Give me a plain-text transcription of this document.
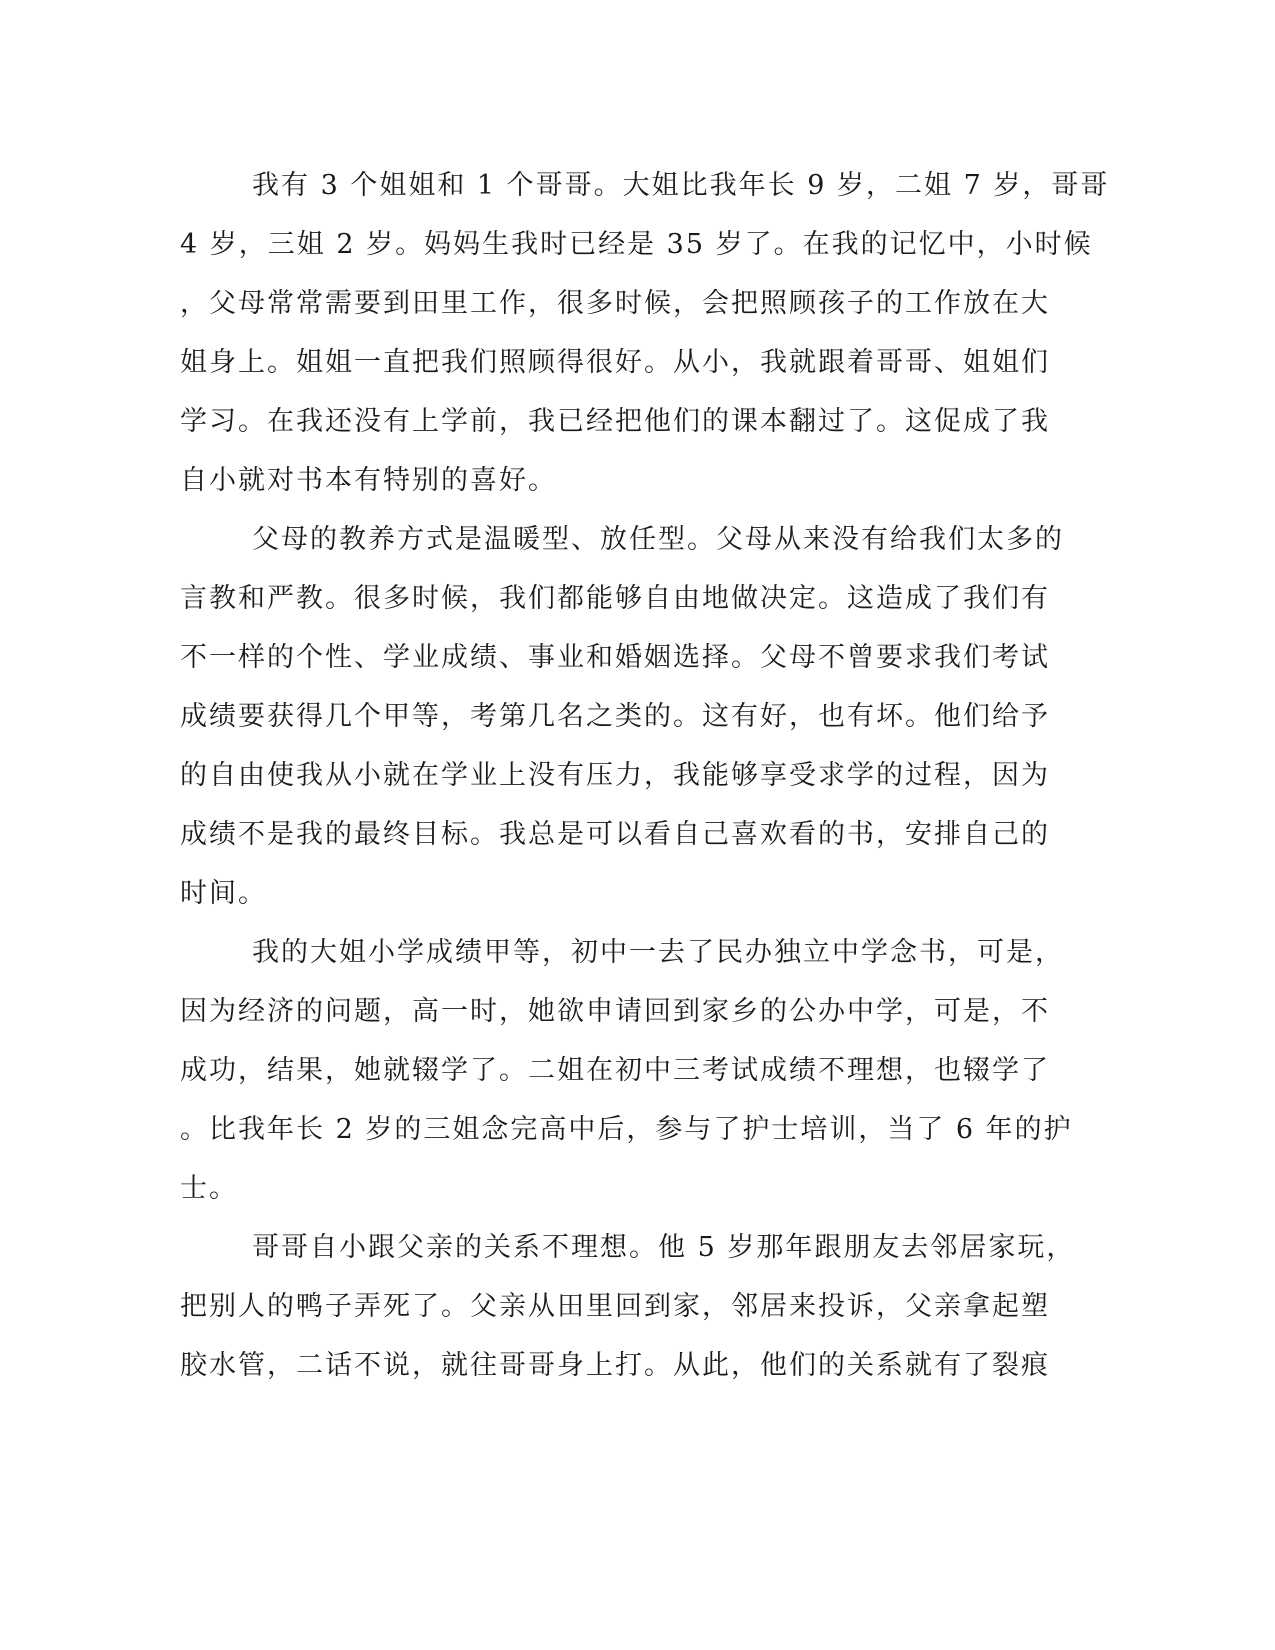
我有 3 个姐姐和 1 个哥哥。大姐比我年长 9 岁，二姐 7 岁，哥哥
4 岁，三姐 2 岁。妈妈生我时已经是 35 岁了。在我的记忆中，小时候
，父母常常需要到田里工作，很多时候，会把照顾孩子的工作放在大
姐身上。姐姐一直把我们照顾得很好。从小，我就跟着哥哥、姐姐们
学习。在我还没有上学前，我已经把他们的课本翻过了。这促成了我
自小就对书本有特别的喜好。
父母的教养方式是温暖型、放任型。父母从来没有给我们太多的
言教和严教。很多时候，我们都能够自由地做决定。这造成了我们有
不一样的个性、学业成绩、事业和婚姻选择。父母不曾要求我们考试
成绩要获得几个甲等，考第几名之类的。这有好，也有坏。他们给予
的自由使我从小就在学业上没有压力，我能够享受求学的过程，因为
成绩不是我的最终目标。我总是可以看自己喜欢看的书，安排自己的
时间。
我的大姐小学成绩甲等，初中一去了民办独立中学念书，可是，
因为经济的问题，高一时，她欲申请回到家乡的公办中学，可是，不
成功，结果，她就辍学了。二姐在初中三考试成绩不理想，也辍学了
。比我年长 2 岁的三姐念完高中后，参与了护士培训，当了 6 年的护
士。
哥哥自小跟父亲的关系不理想。他 5 岁那年跟朋友去邻居家玩，
把别人的鸭子弄死了。父亲从田里回到家，邻居来投诉，父亲拿起塑
胶水管，二话不说，就往哥哥身上打。从此，他们的关系就有了裂痕
